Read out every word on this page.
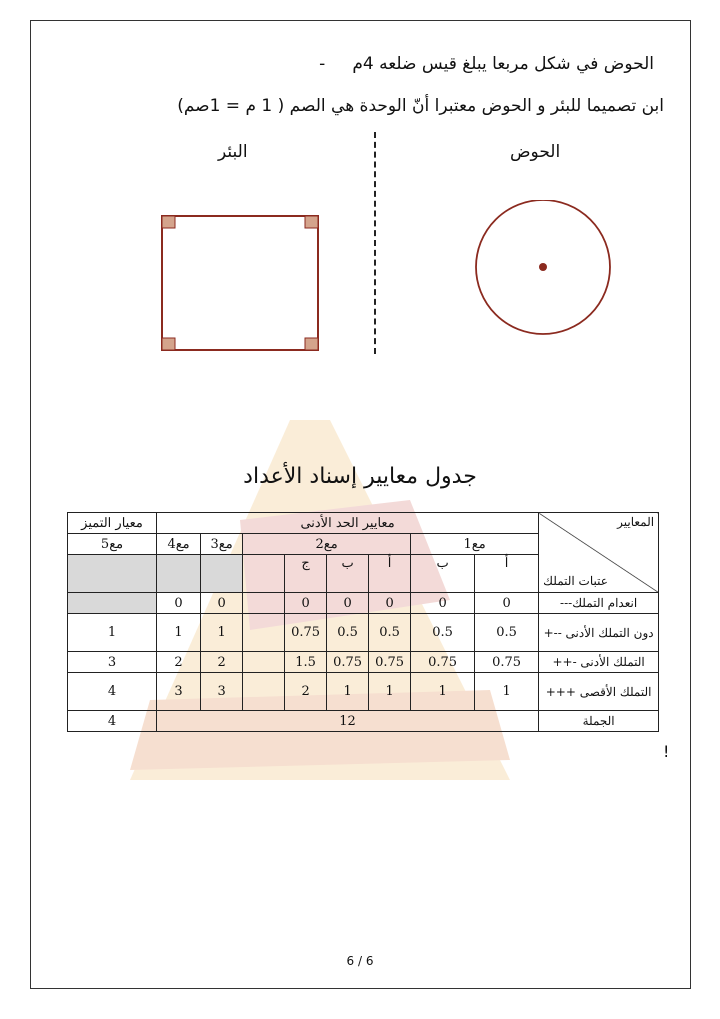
الحوض في شكل مربعا يبلغ قيس ضلعه 4م     -
ابن تصميما للبئر و الحوض معتبرا أنّ الوحدة هي الصم ( 1 م = 1صم)
البئر	الحوض
جدول معايير إسناد الأعداد
المعايير
عتبات التملك	معايير الحد الأدنى								معيار التميز
	مع1		مع2				مع3	مع4	مع5
	أ	ب	أ	ب	ج				
انعدام التملك---	0	0	0	0	0		0	0	
دون التملك الأدنى --+	0.5	0.5	0.5	0.5	0.75		1	1	1
التملك الأدنى -++	0.75	0.75	0.75	0.75	1.5		2	2	3
التملك الأقصى +++	1	1	1	1	2		3	3	4
الجملة	12								4
!
6 / 6
